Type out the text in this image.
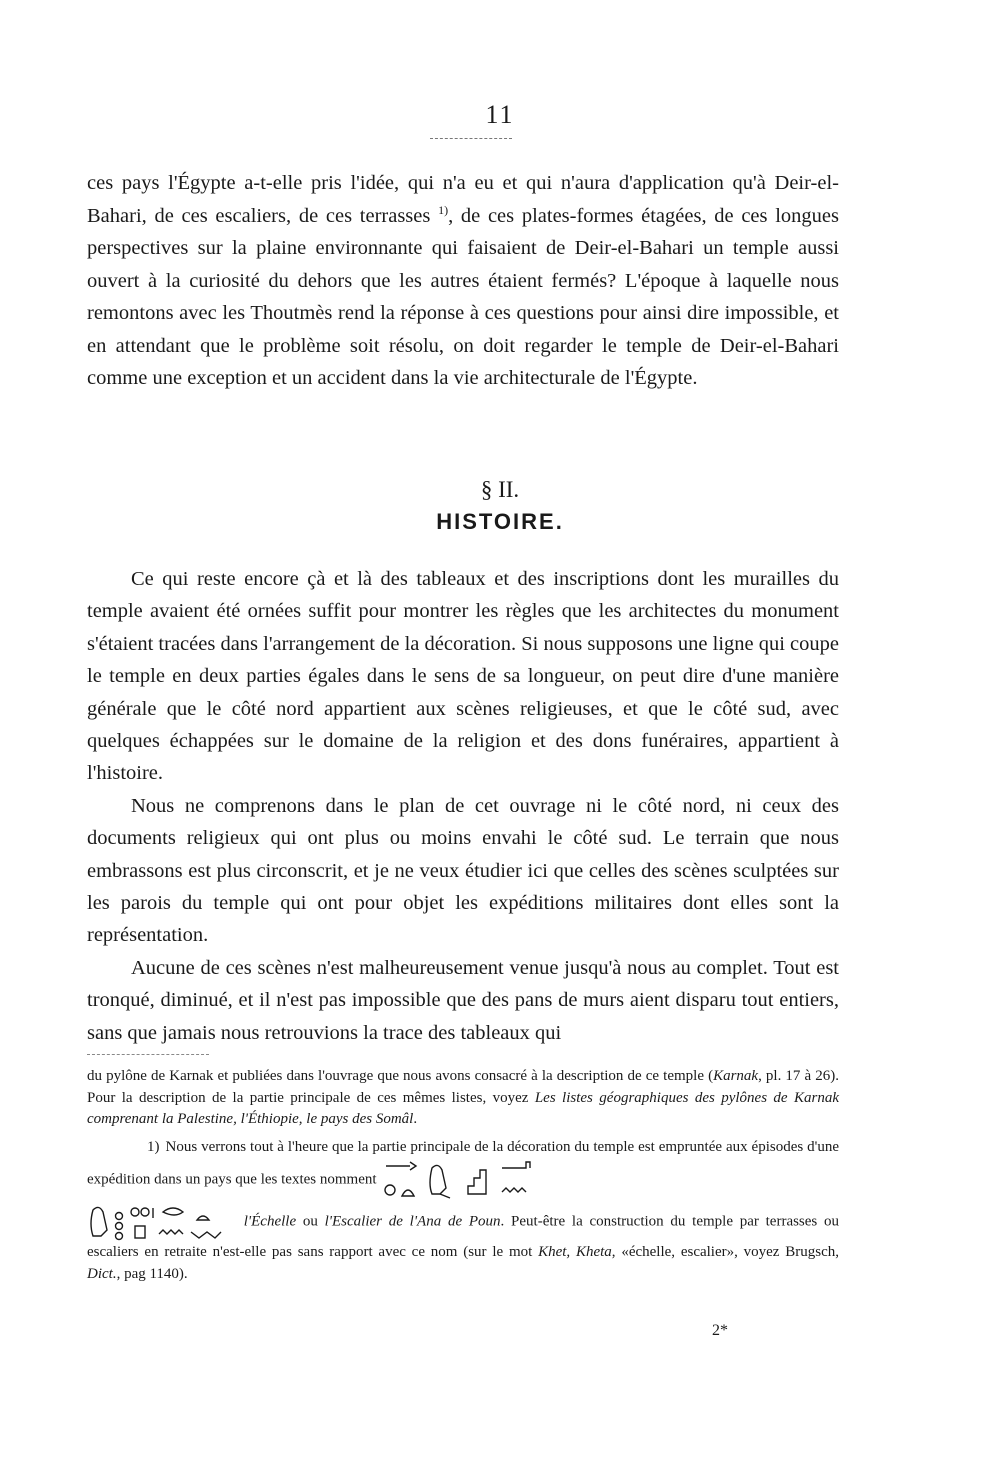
11

ces pays l'Égypte a-t-elle pris l'idée, qui n'a eu et qui n'aura d'application qu'à Deir-el-Bahari, de ces escaliers, de ces terrasses $^{1)}$, de ces plates-formes étagées, de ces longues perspectives sur la plaine environnante qui faisaient de Deir-el-Bahari un temple aussi ouvert à la curiosité du dehors que les autres étaient fermés? L'époque à laquelle nous remontons avec les Thoutmès rend la réponse à ces questions pour ainsi dire impossible, et en attendant que le problème soit résolu, on doit regarder le temple de Deir-el-Bahari comme une exception et un accident dans la vie architecturale de l'Égypte.

§ II.
HISTOIRE.

Ce qui reste encore çà et là des tableaux et des inscriptions dont les murailles du temple avaient été ornées suffit pour montrer les règles que les architectes du monument s'étaient tracées dans l'arrangement de la décoration. Si nous supposons une ligne qui coupe le temple en deux parties égales dans le sens de sa longueur, on peut dire d'une manière générale que le côté nord appartient aux scènes religieuses, et que le côté sud, avec quelques échappées sur le domaine de la religion et des dons funéraires, appartient à l'histoire.

Nous ne comprenons dans le plan de cet ouvrage ni le côté nord, ni ceux des documents religieux qui ont plus ou moins envahi le côté sud. Le terrain que nous embrassons est plus circonscrit, et je ne veux étudier ici que celles des scènes sculptées sur les parois du temple qui ont pour objet les expéditions militaires dont elles sont la représentation.

Aucune de ces scènes n'est malheureusement venue jusqu'à nous au complet. Tout est tronqué, diminué, et il n'est pas impossible que des pans de murs aient disparu tout entiers, sans que jamais nous retrouvions la trace des tableaux qui

du pylône de Karnak et publiées dans l'ouvrage que nous avons consacré à la description de ce temple (Karnak, pl. 17 à 26). Pour la description de la partie principale de ces mêmes listes, voyez Les listes géographiques des pylônes de Karnak comprenant la Palestine, l'Éthiopie, le pays des Somâl.

1) Nous verrons tout à l'heure que la partie principale de la décoration du temple est empruntée aux épisodes d'une expédition dans un pays que les textes nomment
l'Échelle ou l'Escalier de l'Ana de Poun. Peut-être la construction du temple par terrasses ou escaliers en retraite n'est-elle pas sans rapport avec ce nom (sur le mot Khet, Kheta, «échelle, escalier», voyez Brugsch, Dict., pag 1140).

2*
